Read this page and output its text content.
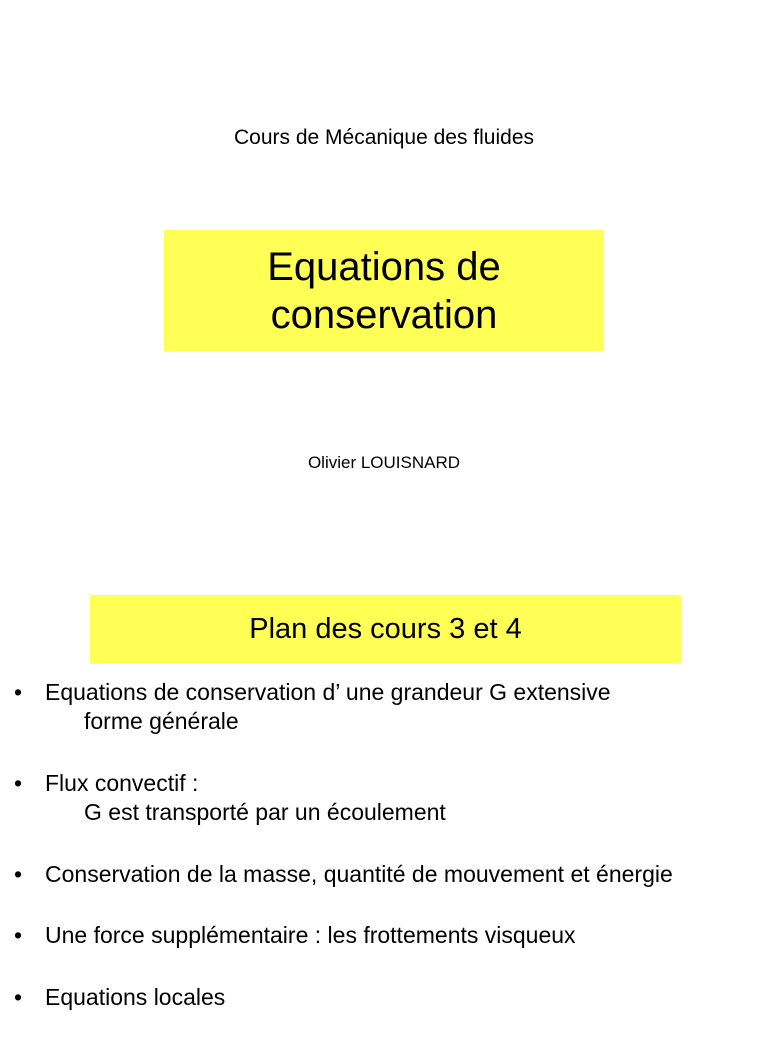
Cours de Mécanique des fluides
Equations de
conservation
Olivier LOUISNARD
Plan des cours 3 et 4
• Equations de conservation d’ une grandeur G extensive
forme générale
• Flux convectif :
G est transporté par un écoulement
• Conservation de la masse, quantité de mouvement et énergie
• Une force supplémentaire : les frottements visqueux
• Equations locales
